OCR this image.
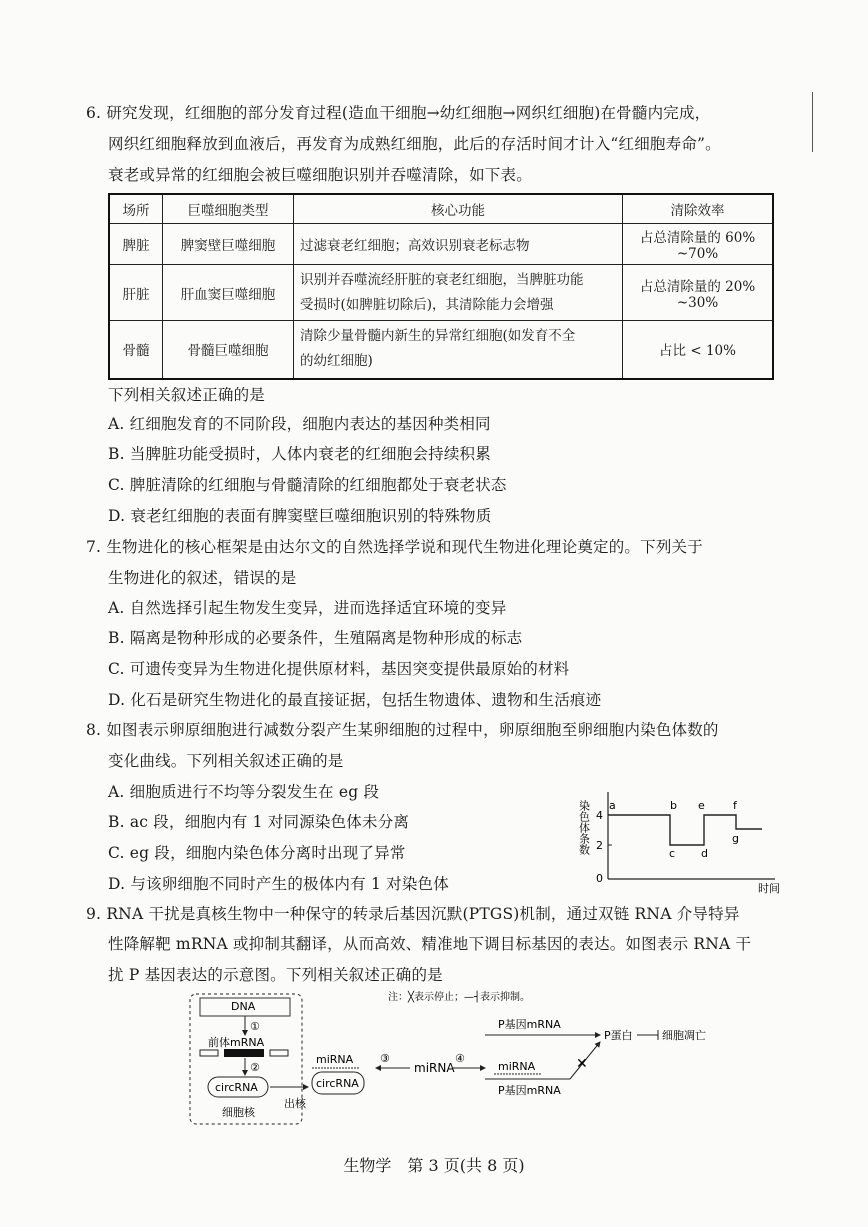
6. 研究发现，红细胞的部分发育过程(造血干细胞→幼红细胞→网织红细胞)在骨髓内完成，
网织红细胞释放到血液后，再发育为成熟红细胞，此后的存活时间才计入“红细胞寿命”。
衰老或异常的红细胞会被巨噬细胞识别并吞噬清除，如下表。
场所	巨噬细胞类型	核心功能	清除效率
脾脏	脾窦壁巨噬细胞	过滤衰老红细胞；高效识别衰老标志物	占总清除量的 60% ~70%
肝脏	肝血窦巨噬细胞	识别并吞噬流经肝脏的衰老红细胞，当脾脏功能
受损时(如脾脏切除后)，其清除能力会增强	占总清除量的 20% ~30%
骨髓	骨髓巨噬细胞	清除少量骨髓内新生的异常红细胞(如发育不全
的幼红细胞)	占比 < 10%
下列相关叙述正确的是
A. 红细胞发育的不同阶段，细胞内表达的基因种类相同
B. 当脾脏功能受损时，人体内衰老的红细胞会持续积累
C. 脾脏清除的红细胞与骨髓清除的红细胞都处于衰老状态
D. 衰老红细胞的表面有脾窦壁巨噬细胞识别的特殊物质
7. 生物进化的核心框架是由达尔文的自然选择学说和现代生物进化理论奠定的。下列关于
生物进化的叙述，错误的是
A. 自然选择引起生物发生变异，进而选择适宜环境的变异
B. 隔离是物种形成的必要条件，生殖隔离是物种形成的标志
C. 可遗传变异为生物进化提供原材料，基因突变提供最原始的材料
D. 化石是研究生物进化的最直接证据，包括生物遗体、遗物和生活痕迹
8. 如图表示卵原细胞进行减数分裂产生某卵细胞的过程中，卵原细胞至卵细胞内染色体数的
变化曲线。下列相关叙述正确的是
A. 细胞质进行不均等分裂发生在 eg 段
B. ac 段，细胞内有 1 对同源染色体未分离
C. eg 段，细胞内染色体分离时出现了异常
D. 与该卵细胞不同时产生的极体内有 1 对染色体
染色体条数 4
2
0
a	b
c d
e	f
g
时间
9. RNA 干扰是真核生物中一种保守的转录后基因沉默(PTGS)机制，通过双链 RNA 介导特异
性降解靶 mRNA 或抑制其翻译，从而高效、精准地下调目标基因的表达。如图表示 RNA 干
扰 P 基因表达的示意图。下列相关叙述正确的是
DNA
①
前体mRNA
②
circRNA
细胞核
出核
miRNA
circRNA
③
miRNA
④
注：╳表示停止；—┤表示抑制。
P基因mRNA
P蛋白	细胞凋亡
miRNA
P基因mRNA
✕
生物学　第 3 页(共 8 页)
